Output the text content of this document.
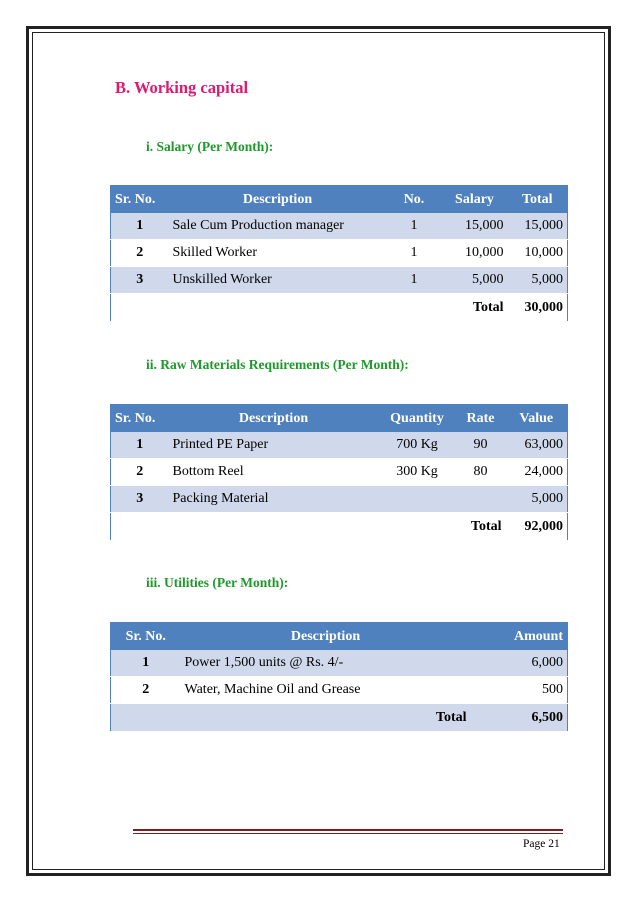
B. Working capital
i. Salary (Per Month):
Sr. No.	Description	No.	Salary	Total
1	Sale Cum Production manager	1	15,000	15,000
2	Skilled Worker	1	10,000	10,000
3	Unskilled Worker	1	5,000	5,000
			Total	30,000
ii. Raw Materials Requirements (Per Month):
Sr. No.	Description	Quantity	Rate	Value
1	Printed PE Paper	700 Kg	90	63,000
2	Bottom Reel	300 Kg	80	24,000
3	Packing Material			5,000
			Total	92,000
iii. Utilities (Per Month):
Sr. No.	Description	Amount
1	Power 1,500 units @ Rs. 4/-	6,000
2	Water, Machine Oil and Grease	500
	Total	6,500
Page 21
